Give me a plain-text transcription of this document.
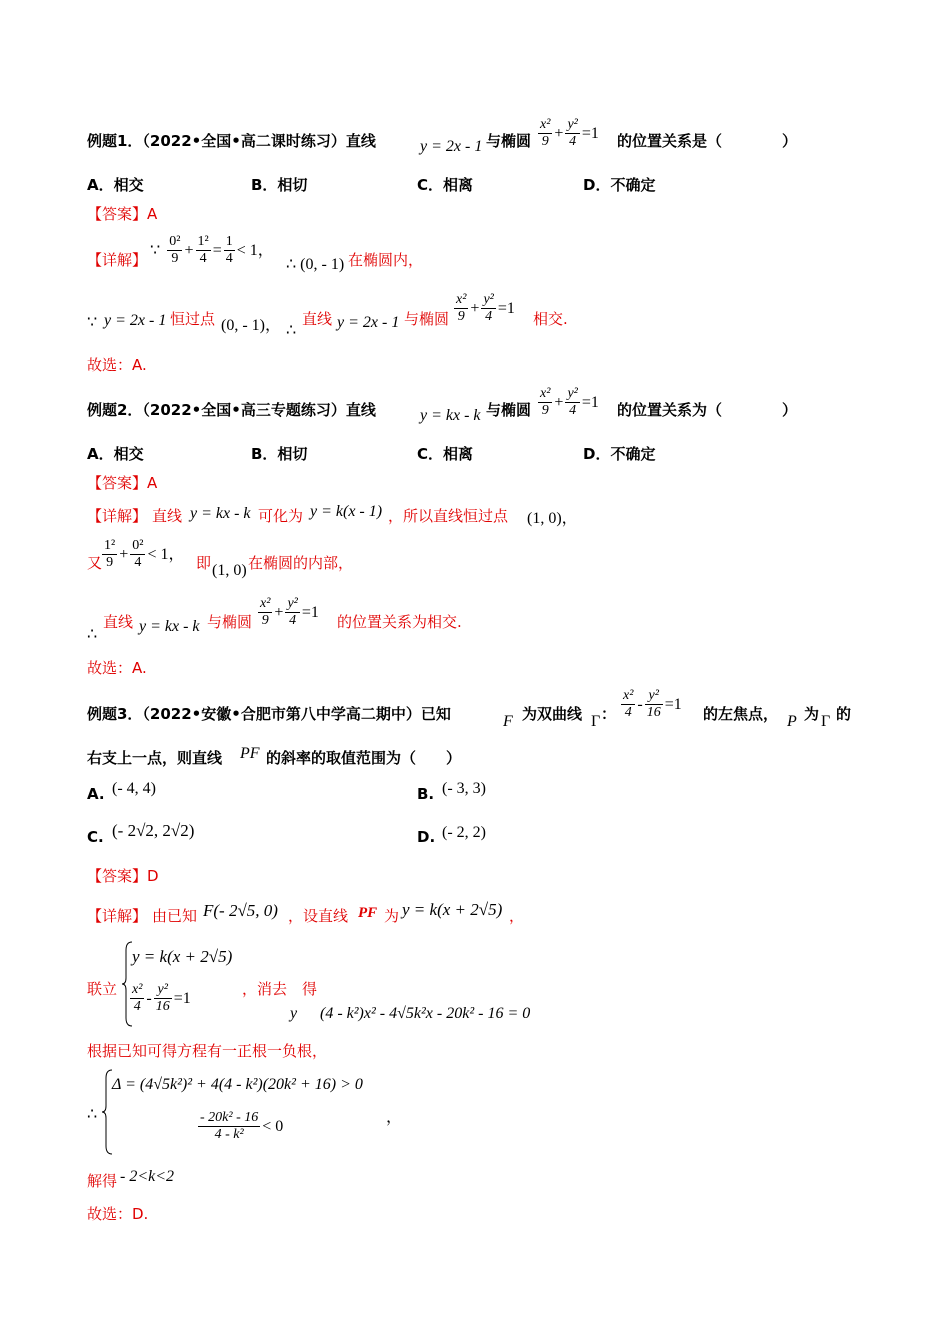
例题1．（2022•全国•高二课时练习）直线	y = 2x - 1 与椭圆 $\frac{\text{x²}}{9} + \frac{\text{y²}}{4} =1$ 的位置关系是（　　　　）
A．相交	B．相切	C．相离	D．不确定
【答案】A
【详解】
∵ $\frac{\text{0²}}{9} + \frac{\text{1²}}{4} = \frac{1}{4} < 1$，
∴ (0, - 1) 在椭圆内，
∵ y = 2x - 1 恒过点 (0, - 1)， ∴
直线 y = 2x - 1 与椭圆 $\frac{\text{x²}}{9} + \frac{\text{y²}}{4} =1$
相交.
故选：A.
例题2．（2022•全国•高三专题练习）直线	y = kx - k 与椭圆 $\frac{\text{x²}}{9} + \frac{\text{y²}}{4} =1$ 的位置关系为（　　　　）
A．相交	B．相切	C．相离	D．不确定
【答案】A
【详解】 直线 y = kx - k 可化为 y = k(x - 1) ，所以直线恒过点 (1, 0)，
又 $\frac{\text{1²}}{9} + \frac{\text{0²}}{4} < 1$， 即 (1, 0) 在椭圆的内部，
∴
直线 y = kx - k 与椭圆 $\frac{\text{x²}}{9} + \frac{\text{y²}}{4} =1$
的位置关系为相交.
故选：A.
例题3．（2022•安徽•合肥市第八中学高二期中）已知	F 为双曲线 Γ ： $\frac{\text{x²}}{4} - \frac{\text{y²}}{16} =1$
的左焦点， P 为 Γ 的
右支上一点，则直线 PF 的斜率的取值范围为（　　）
A. (- 4, 4)	B. (- 3, 3)
C. (- 2√2, 2√2)	D. (- 2, 2)
【答案】D
【详解】 由已知 F(- 2√5, 0) ，设直线 PF 为 y = k(x + 2√5) ，
联立
y = k(x + 2√5)
$\frac{\text{x²}}{4} - \frac{\text{y²}}{16} =1$
，消去　得
y (4 - k²)x² - 4√5k²x - 20k² - 16 = 0
根据已知可得方程有一正根一负根，
∴
Δ = (4√5k²)² + 4(4 - k²)(20k² + 16) > 0
$\frac{\text{- 20k² - 16}}{\text{4 - k²}} < 0$
，
解得 - 2<k<2
故选：D.
